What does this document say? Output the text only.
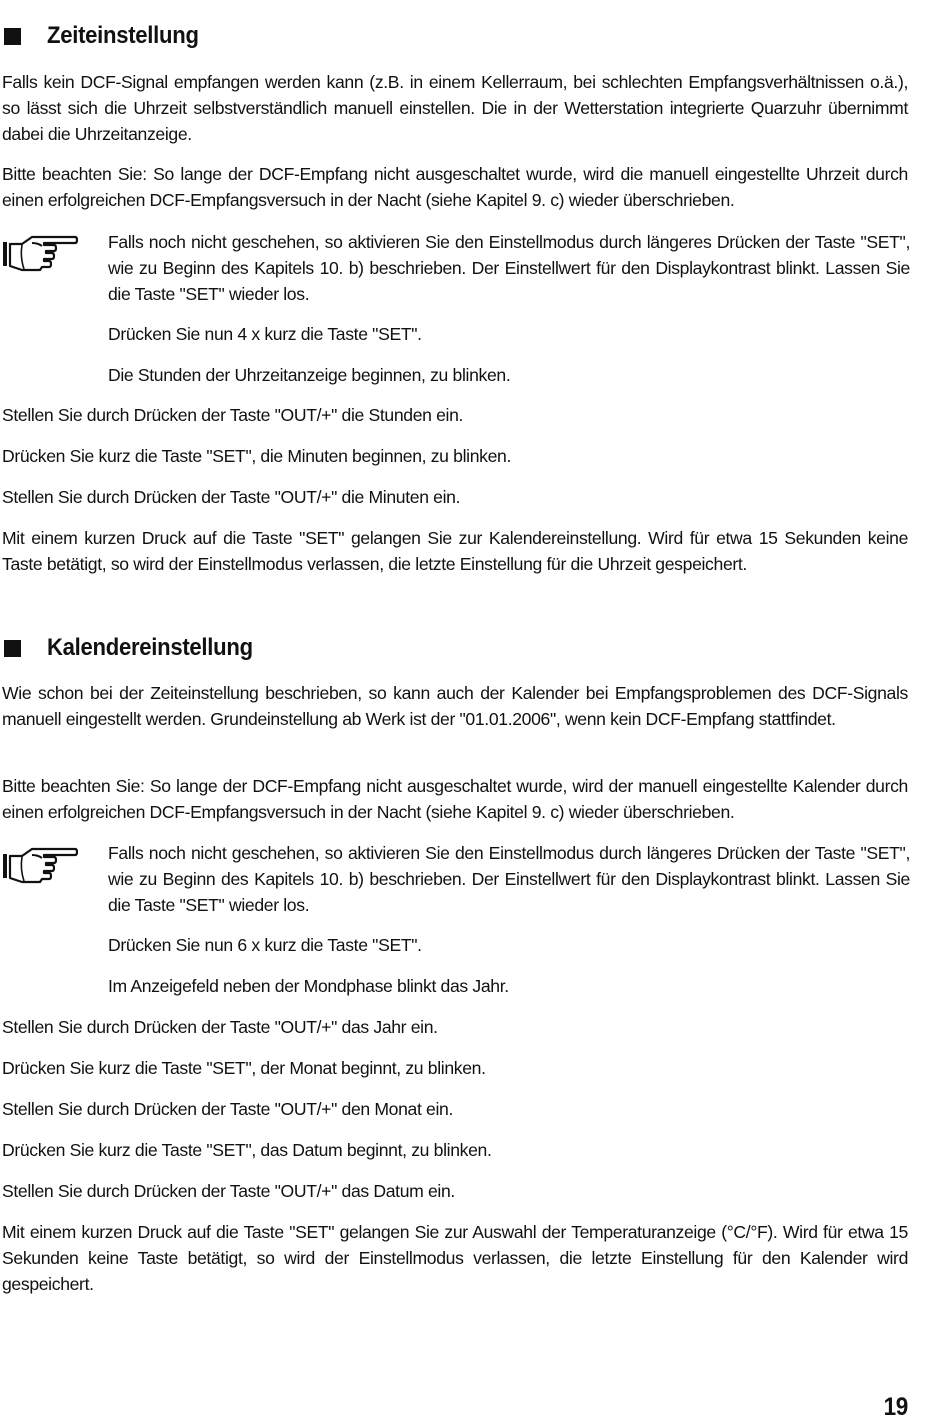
Zeiteinstellung

Falls kein DCF-Signal empfangen werden kann (z.B. in einem Kellerraum, bei schlechten Empfangsverhältnissen o.ä.), so lässt sich die Uhrzeit selbstverständlich manuell einstellen. Die in der Wetterstation integrierte Quarzuhr übernimmt dabei die Uhrzeitanzeige.

Bitte beachten Sie: So lange der DCF-Empfang nicht ausgeschaltet wurde, wird die manuell eingestellte Uhrzeit durch einen erfolgreichen DCF-Empfangsversuch in der Nacht (siehe Kapitel 9. c) wieder überschrieben.

Falls noch nicht geschehen, so aktivieren Sie den Einstellmodus durch längeres Drücken der Taste "SET", wie zu Beginn des Kapitels 10. b) beschrieben. Der Einstellwert für den Displaykontrast blinkt. Lassen Sie die Taste "SET" wieder los.

Drücken Sie nun 4 x kurz die Taste "SET".

Die Stunden der Uhrzeitanzeige beginnen, zu blinken.

Stellen Sie durch Drücken der Taste "OUT/+" die Stunden ein.

Drücken Sie kurz die Taste "SET", die Minuten beginnen, zu blinken.

Stellen Sie durch Drücken der Taste "OUT/+" die Minuten ein.

Mit einem kurzen Druck auf die Taste "SET" gelangen Sie zur Kalendereinstellung. Wird für etwa 15 Sekunden keine Taste betätigt, so wird der Einstellmodus verlassen, die letzte Einstellung für die Uhrzeit gespeichert.

Kalendereinstellung

Wie schon bei der Zeiteinstellung beschrieben, so kann auch der Kalender bei Empfangsproblemen des DCF-Signals manuell eingestellt werden. Grundeinstellung ab Werk ist der "01.01.2006", wenn kein DCF-Empfang stattfindet.

Bitte beachten Sie: So lange der DCF-Empfang nicht ausgeschaltet wurde, wird der manuell eingestellte Kalender durch einen erfolgreichen DCF-Empfangsversuch in der Nacht (siehe Kapitel 9. c) wieder überschrieben.

Falls noch nicht geschehen, so aktivieren Sie den Einstellmodus durch längeres Drücken der Taste "SET", wie zu Beginn des Kapitels 10. b) beschrieben. Der Einstellwert für den Displaykontrast blinkt. Lassen Sie die Taste "SET" wieder los.

Drücken Sie nun 6 x kurz die Taste "SET".

Im Anzeigefeld neben der Mondphase blinkt das Jahr.

Stellen Sie durch Drücken der Taste "OUT/+" das Jahr ein.

Drücken Sie kurz die Taste "SET", der Monat beginnt, zu blinken.

Stellen Sie durch Drücken der Taste "OUT/+" den Monat ein.

Drücken Sie kurz die Taste "SET", das Datum beginnt, zu blinken.

Stellen Sie durch Drücken der Taste "OUT/+" das Datum ein.

Mit einem kurzen Druck auf die Taste "SET" gelangen Sie zur Auswahl der Temperaturanzeige (°C/°F). Wird für etwa 15 Sekunden keine Taste betätigt, so wird der Einstellmodus verlassen, die letzte Einstellung für den Kalender wird gespeichert.

19
